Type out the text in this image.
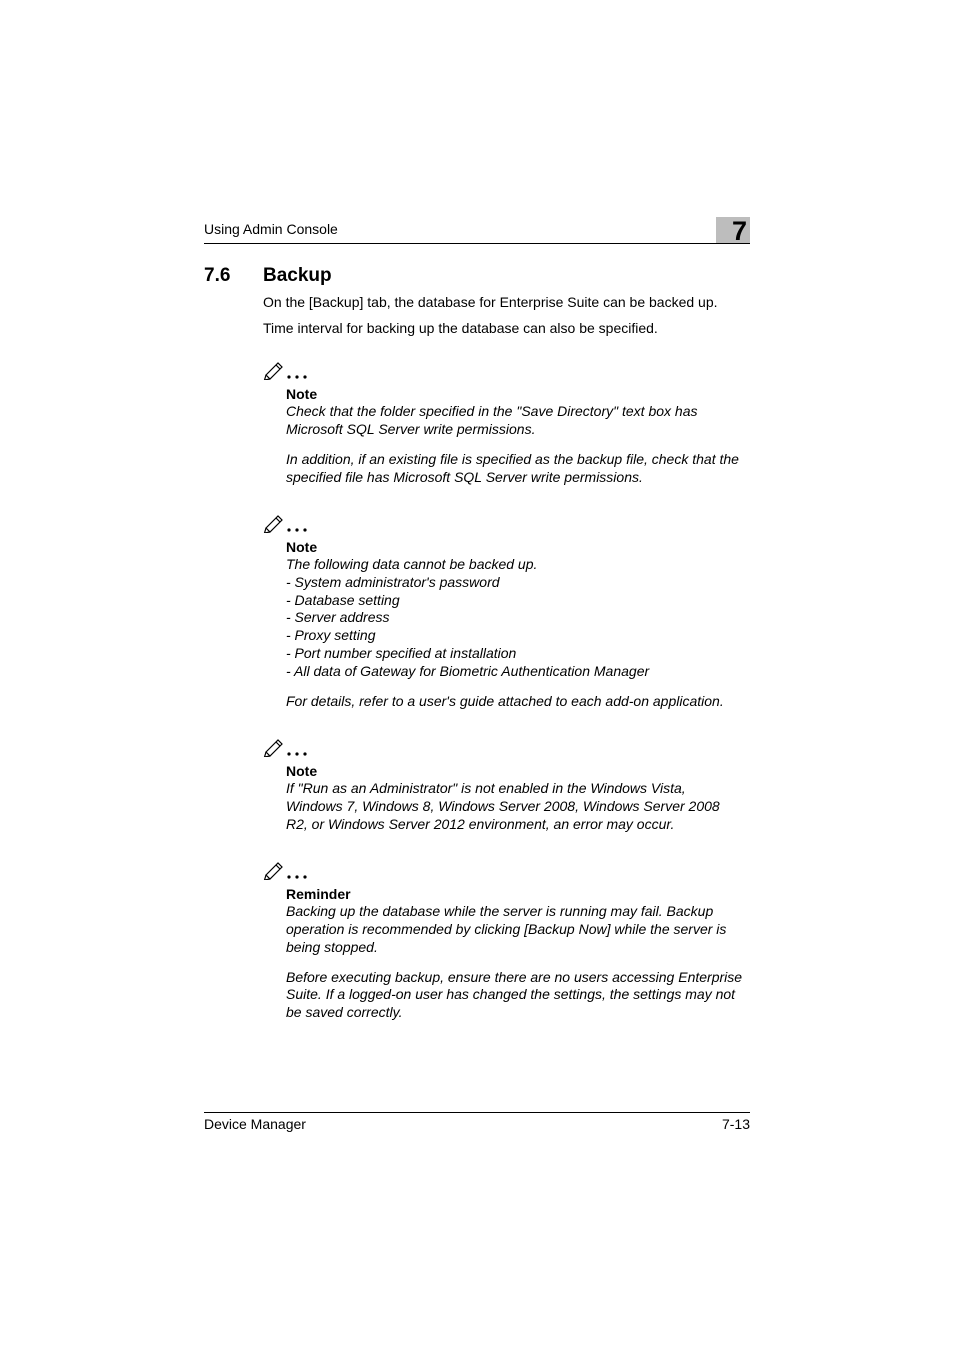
Using Admin Console	7
7.6 Backup
On the [Backup] tab, the database for Enterprise Suite can be backed up.
Time interval for backing up the database can also be specified.
Note
Check that the folder specified in the "Save Directory" text box has
Microsoft SQL Server write permissions.
In addition, if an existing file is specified as the backup file, check that the
specified file has Microsoft SQL Server write permissions.
Note
The following data cannot be backed up.
- System administrator's password
- Database setting
- Server address
- Proxy setting
- Port number specified at installation
- All data of Gateway for Biometric Authentication Manager
For details, refer to a user's guide attached to each add-on application.
Note
If "Run as an Administrator" is not enabled in the Windows Vista,
Windows 7, Windows 8, Windows Server 2008, Windows Server 2008
R2, or Windows Server 2012 environment, an error may occur.
Reminder
Backing up the database while the server is running may fail. Backup
operation is recommended by clicking [Backup Now] while the server is
being stopped.
Before executing backup, ensure there are no users accessing Enterprise
Suite. If a logged-on user has changed the settings, the settings may not
be saved correctly.
Device Manager	7-13
